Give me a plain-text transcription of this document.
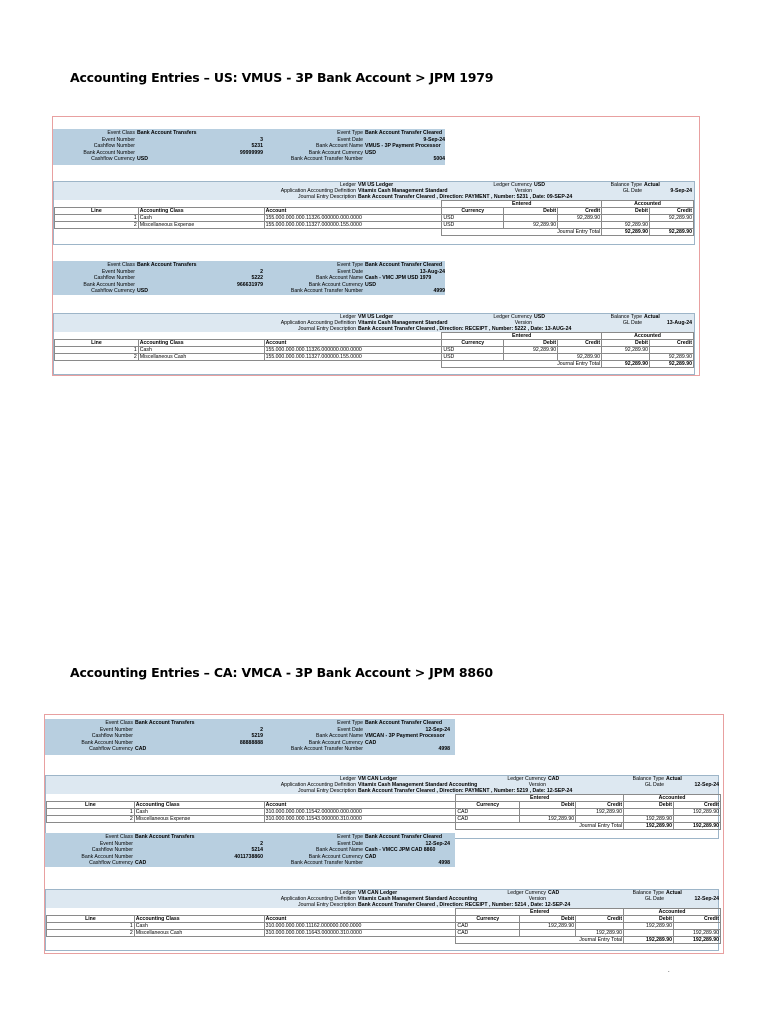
Accounting Entries – US: VMUS - 3P Bank Account > JPM 1979
Event Class Bank Account Transfers	Event Type Bank Account Transfer Cleared
Event Number	3	Event Date	9-Sep-24
Cashflow Number	5231	Bank Account Name VMUS - 3P Payment Processor
Bank Account Number	99999999	Bank Account Currency USD
Cashflow Currency USD	Bank Account Transfer Number	5004
Ledger VM US Ledger	Ledger Currency USD	Balance Type Actual
Application Accounting Definition Vitamix Cash Management Standard	Version	GL Date	9-Sep-24
Journal Entry Description Bank Account Transfer Cleared , Direction: PAYMENT , Number: 5231 , Date: 09-SEP-24
			Entered			Accounted	
Line	Accounting Class	Account	Currency	Debit	Credit	Debit	Credit
1	Cash	155.000.000.000.11326.000000.000.0000	USD		92,289.90		92,289.90
2	Miscellaneous Expense	155.000.000.000.11327.000000.155.0000	USD	92,289.90		92,289.90	
			Journal Entry Total			92,289.90	92,289.90
Event Class Bank Account Transfers	Event Type Bank Account Transfer Cleared
Event Number	2	Event Date	13-Aug-24
Cashflow Number	5222	Bank Account Name Cash - VMC JPM USD 1979
Bank Account Number	966631979	Bank Account Currency USD
Cashflow Currency USD	Bank Account Transfer Number	4999
Ledger VM US Ledger	Ledger Currency USD	Balance Type Actual
Application Accounting Definition Vitamix Cash Management Standard	Version	GL Date	13-Aug-24
Journal Entry Description Bank Account Transfer Cleared , Direction: RECEIPT , Number: 5222 , Date: 13-AUG-24
			Entered			Accounted	
Line	Accounting Class	Account	Currency	Debit	Credit	Debit	Credit
1	Cash	155.000.000.000.11326.000000.000.0000	USD	92,289.90		92,289.90	
2	Miscellaneous Cash	155.000.000.000.11327.000000.155.0000	USD		92,289.90		92,289.90
			Journal Entry Total			92,289.90	92,289.90
Accounting Entries – CA: VMCA - 3P Bank Account > JPM 8860
Event Class Bank Account Transfers	Event Type Bank Account Transfer Cleared
Event Number	2	Event Date	12-Sep-24
Cashflow Number	5219	Bank Account Name VMCAN - 3P Payment Processor
Bank Account Number	88888888	Bank Account Currency CAD
Cashflow Currency CAD	Bank Account Transfer Number	4998
Ledger VM CAN Ledger	Ledger Currency CAD	Balance Type Actual
Application Accounting Definition Vitamix Cash Management Standard Accounting	Version	GL Date	12-Sep-24
Journal Entry Description Bank Account Transfer Cleared , Direction: PAYMENT , Number: 5219 , Date: 12-SEP-24
			Entered			Accounted	
Line	Accounting Class	Account	Currency	Debit	Credit	Debit	Credit
1	Cash	310.000.000.000.11542.000000.000.0000	CAD		192,289.90		192,289.90
2	Miscellaneous Expense	310.000.000.000.11543.000000.310.0000	CAD	192,289.90		192,289.90	
			Journal Entry Total			192,289.90	192,289.90
Event Class Bank Account Transfers	Event Type Bank Account Transfer Cleared
Event Number	2	Event Date	12-Sep-24
Cashflow Number	5214	Bank Account Name Cash - VMCC JPM CAD 8860
Bank Account Number	4011738860	Bank Account Currency CAD
Cashflow Currency CAD	Bank Account Transfer Number	4998
Ledger VM CAN Ledger	Ledger Currency CAD	Balance Type Actual
Application Accounting Definition Vitamix Cash Management Standard Accounting	Version	GL Date	12-Sep-24
Journal Entry Description Bank Account Transfer Cleared , Direction: RECEIPT , Number: 5214 , Date: 12-SEP-24
			Entered			Accounted	
Line	Accounting Class	Account	Currency	Debit	Credit	Debit	Credit
1	Cash	310.000.000.000.11162.000000.000.0000	CAD	192,289.90		192,289.90	
2	Miscellaneous Cash	310.000.000.000.11643.000000.310.0000	CAD		192,289.90		192,289.90
			Journal Entry Total			192,289.90	192,289.90
.
